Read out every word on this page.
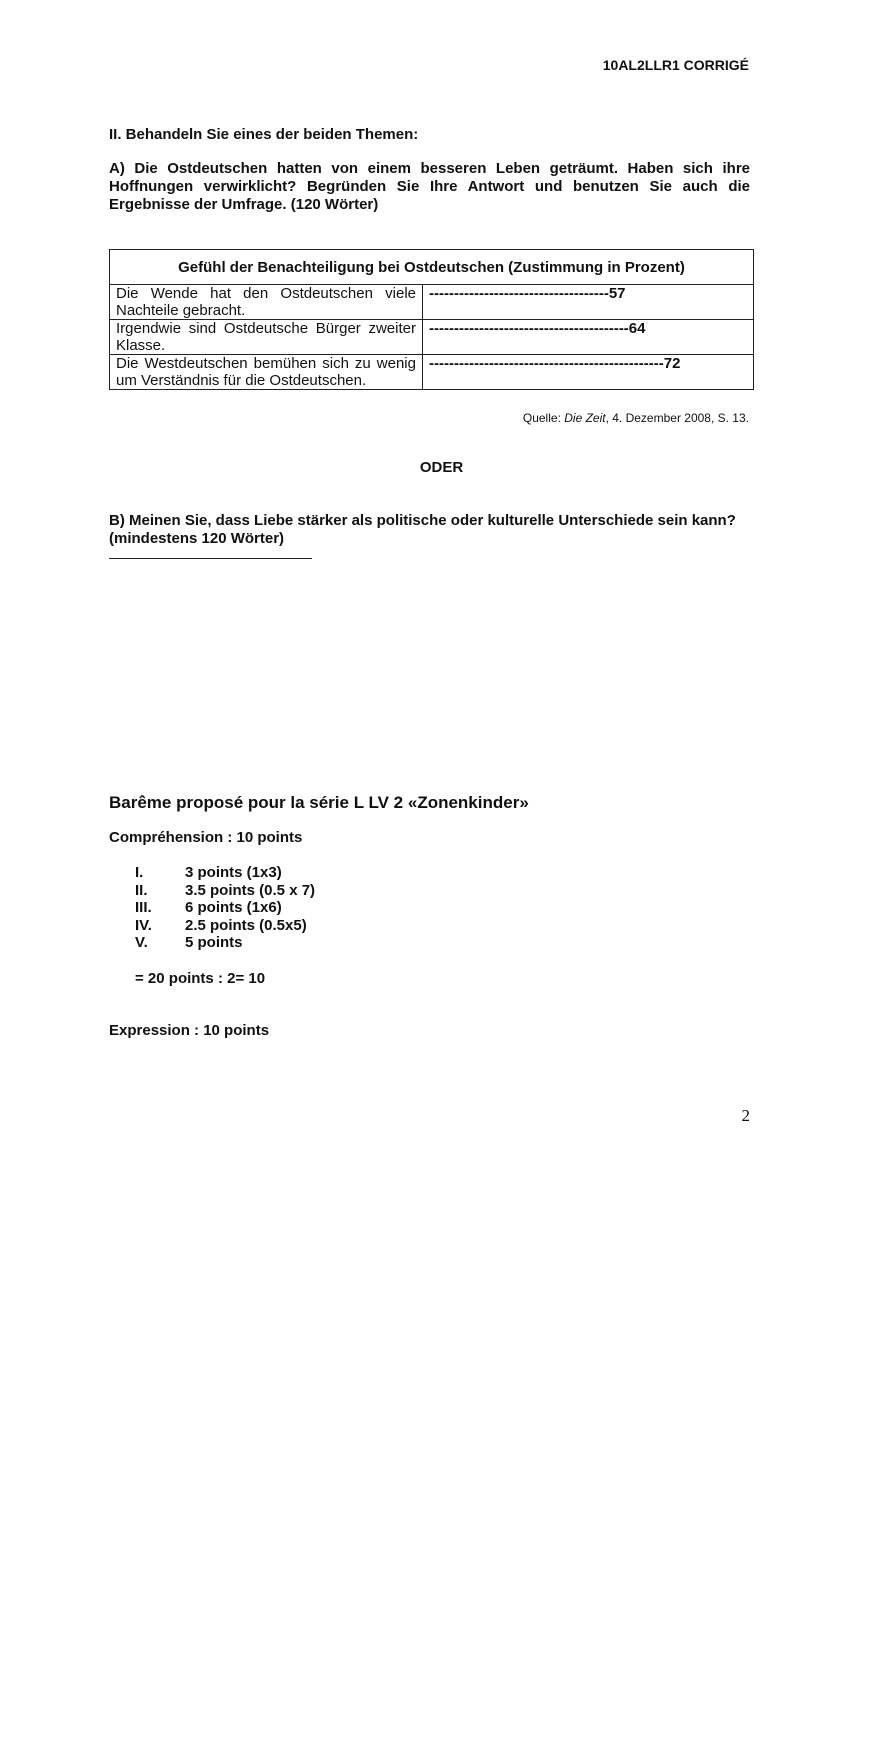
10AL2LLR1 CORRIGÉ
II. Behandeln Sie eines der beiden Themen:
A) Die Ostdeutschen hatten von einem besseren Leben geträumt. Haben sich ihre Hoffnungen verwirklicht? Begründen Sie Ihre Antwort und benutzen Sie auch die Ergebnisse der Umfrage. (120 Wörter)
Gefühl der Benachteiligung bei Ostdeutschen (Zustimmung in Prozent)	
Die Wende hat den Ostdeutschen viele Nachteile gebracht.	------------------------------------57
Irgendwie sind Ostdeutsche Bürger zweiter Klasse.	----------------------------------------64
Die Westdeutschen bemühen sich zu wenig um Verständnis für die Ostdeutschen.	-----------------------------------------------72
Quelle: Die Zeit, 4. Dezember 2008, S. 13.
ODER
B) Meinen Sie, dass Liebe stärker als politische oder kulturelle Unterschiede sein kann? (mindestens 120 Wörter)
Barême proposé pour la série L LV 2 «Zonenkinder»
Compréhension : 10 points
I.	3 points (1x3)
II.	3.5 points (0.5 x 7)
III.	6 points (1x6)
IV.	2.5 points (0.5x5)
V.	5 points
= 20 points : 2= 10
Expression : 10 points
2
